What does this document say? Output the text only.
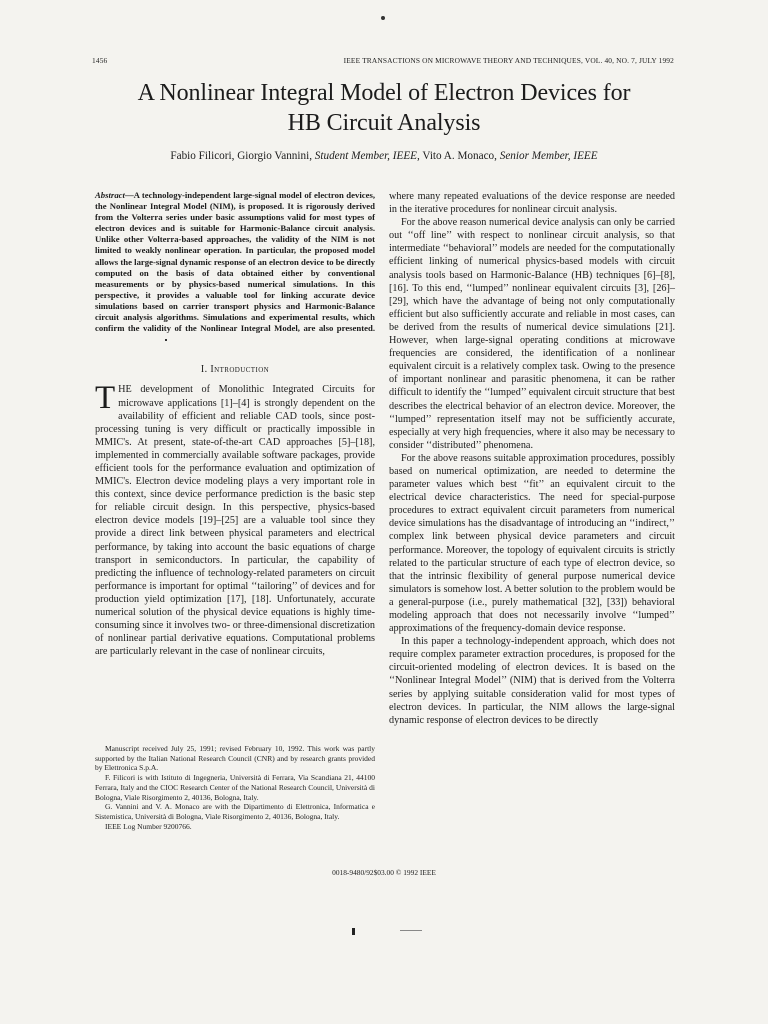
1456	IEEE TRANSACTIONS ON MICROWAVE THEORY AND TECHNIQUES, VOL. 40, NO. 7, JULY 1992
A Nonlinear Integral Model of Electron Devices for
HB Circuit Analysis
Fabio Filicori, Giorgio Vannini, Student Member, IEEE, Vito A. Monaco, Senior Member, IEEE
Abstract—A technology-independent large-signal model of electron devices, the Nonlinear Integral Model (NIM), is proposed. It is rigorously derived from the Volterra series under basic assumptions valid for most types of electron devices and is suitable for Harmonic-Balance circuit analysis. Unlike other Volterra-based approaches, the validity of the NIM is not limited to weakly nonlinear operation. In particular, the proposed model allows the large-signal dynamic response of an electron device to be directly computed on the basis of data obtained either by conventional measurements or by physics-based numerical simulations. In this perspective, it provides a valuable tool for linking accurate device simulations based on carrier transport physics and Harmonic-Balance circuit analysis algorithms. Simulations and experimental results, which confirm the validity of the Nonlinear Integral Model, are also presented.
I. Introduction

THE development of Monolithic Integrated Circuits for microwave applications [1]–[4] is strongly dependent on the availability of efficient and reliable CAD tools, since post-processing tuning is very difficult or practically impossible in MMIC's. At present, state-of-the-art CAD approaches [5]–[18], implemented in commercially available software packages, provide efficient tools for the performance evaluation and optimization of MMIC's. Electron device modeling plays a very important role in this context, since device performance prediction is the basic step for reliable circuit design. In this perspective, physics-based electron device models [19]–[25] are a valuable tool since they provide a direct link between physical parameters and electrical performance, by taking into account the basic equations of charge transport in semiconductors. In particular, the capability of predicting the influence of technology-related parameters on circuit performance is important for optimal ‘‘tailoring’’ of devices and for production yield optimization [17], [18]. Unfortunately, accurate numerical solution of the physical device equations is highly time-consuming since it involves two- or three-dimensional discretization of nonlinear partial derivative equations. Computational problems are particularly relevant in the case of nonlinear circuits,

Manuscript received July 25, 1991; revised February 10, 1992. This work was partly supported by the Italian National Research Council (CNR) and by research grants provided by Elettronica S.p.A.

F. Filicori is with Istituto di Ingegneria, Università di Ferrara, Via Scandiana 21, 44100 Ferrara, Italy and the CIOC Research Center of the National Research Council, Università di Bologna, Viale Risorgimento 2, 40136, Bologna, Italy.

G. Vannini and V. A. Monaco are with the Dipartimento di Elettronica, Informatica e Sistemistica, Università di Bologna, Viale Risorgimento 2, 40136, Bologna, Italy.

IEEE Log Number 9200766.

where many repeated evaluations of the device response are needed in the iterative procedures for nonlinear circuit analysis.

For the above reason numerical device analysis can only be carried out ‘‘off line’’ with respect to nonlinear circuit analysis, so that intermediate ‘‘behavioral’’ models are needed for the computationally efficient linking of numerical physics-based models with circuit analysis tools based on Harmonic-Balance (HB) techniques [6]–[8], [16]. To this end, ‘‘lumped’’ nonlinear equivalent circuits [3], [26]–[29], which have the advantage of being not only computationally efficient but also sufficiently accurate and reliable in most cases, can be derived from the results of numerical device simulations [21]. However, when large-signal operating conditions at microwave frequencies are considered, the identification of a nonlinear equivalent circuit is a relatively complex task. Owing to the presence of important nonlinear and parasitic phenomena, it can be rather difficult to identify the ‘‘lumped’’ equivalent circuit structure that best describes the electrical behavior of an electron device. Moreover, the ‘‘lumped’’ representation itself may not be sufficiently accurate, especially at very high frequencies, where it also may be necessary to consider ‘‘distributed’’ phenomena.

For the above reasons suitable approximation procedures, possibly based on numerical optimization, are needed to determine the parameter values which best ‘‘fit’’ an equivalent circuit to the electrical device characteristics. The need for special-purpose procedures to extract equivalent circuit parameters from numerical device simulations has the disadvantage of introducing an ‘‘indirect,’’ complex link between physical device parameters and circuit performance. Moreover, the topology of equivalent circuits is strictly related to the particular structure of each type of electron device, so that the intrinsic flexibility of general purpose numerical device simulators is somehow lost. A better solution to the problem would be a general-purpose (i.e., purely mathematical [32], [33]) behavioral modeling approach that does not necessarily involve ‘‘lumped’’ approximations of the frequency-domain device response.

In this paper a technology-independent approach, which does not require complex parameter extraction procedures, is proposed for the circuit-oriented modeling of electron devices. It is based on the ‘‘Nonlinear Integral Model’’ (NIM) that is derived from the Volterra series by applying suitable consideration valid for most types of electron devices. In particular, the NIM allows the large-signal dynamic response of electron devices to be directly

0018-9480/92$03.00 © 1992 IEEE
